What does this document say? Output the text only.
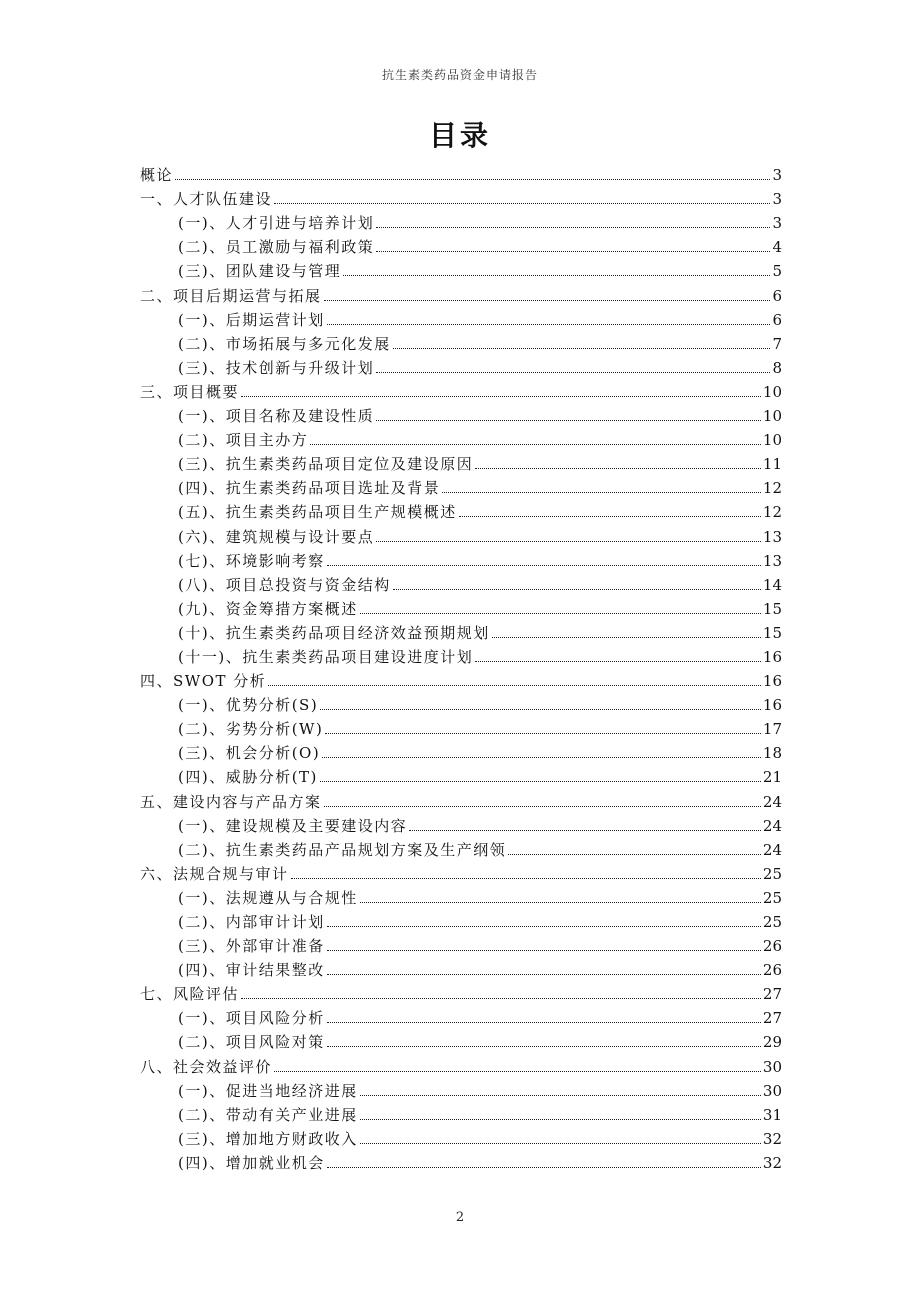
抗生素类药品资金申请报告
目录
概论	3
一、人才队伍建设	3
(一)、人才引进与培养计划	3
(二)、员工激励与福利政策	4
(三)、团队建设与管理	5
二、项目后期运营与拓展	6
(一)、后期运营计划	6
(二)、市场拓展与多元化发展	7
(三)、技术创新与升级计划	8
三、项目概要	10
(一)、项目名称及建设性质	10
(二)、项目主办方	10
(三)、抗生素类药品项目定位及建设原因	11
(四)、抗生素类药品项目选址及背景	12
(五)、抗生素类药品项目生产规模概述	12
(六)、建筑规模与设计要点	13
(七)、环境影响考察	13
(八)、项目总投资与资金结构	14
(九)、资金筹措方案概述	15
(十)、抗生素类药品项目经济效益预期规划	15
(十一)、抗生素类药品项目建设进度计划	16
四、SWOT 分析	16
(一)、优势分析(S)	16
(二)、劣势分析(W)	17
(三)、机会分析(O)	18
(四)、威胁分析(T)	21
五、建设内容与产品方案	24
(一)、建设规模及主要建设内容	24
(二)、抗生素类药品产品规划方案及生产纲领	24
六、法规合规与审计	25
(一)、法规遵从与合规性	25
(二)、内部审计计划	25
(三)、外部审计准备	26
(四)、审计结果整改	26
七、风险评估	27
(一)、项目风险分析	27
(二)、项目风险对策	29
八、社会效益评价	30
(一)、促进当地经济进展	30
(二)、带动有关产业进展	31
(三)、增加地方财政收入	32
(四)、增加就业机会	32
2
